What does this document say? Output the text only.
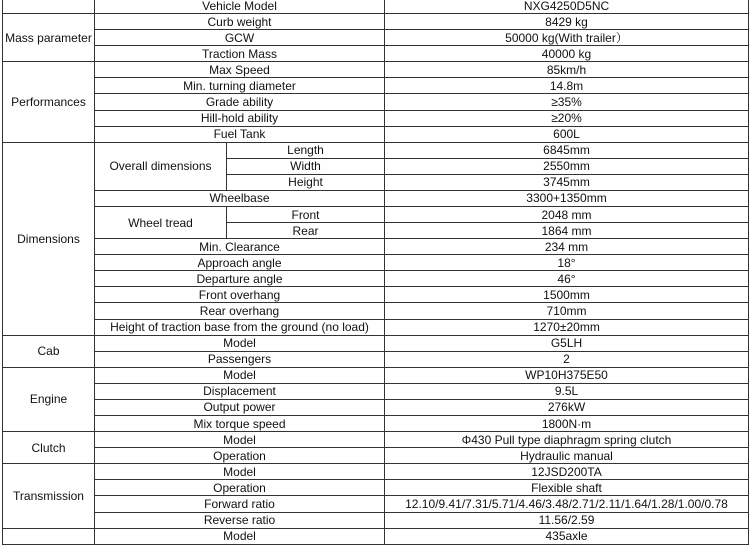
	Vehicle Model		NXG4250D5NC
Mass parameter	Curb weight		8429 kg
	GCW		50000 kg(With trailer）
	Traction Mass		40000 kg
Performances	Max Speed		85km/h
	Min. turning diameter		14.8m
	Grade ability		≥35%
	Hill-hold ability		≥20%
	Fuel Tank		600L
Dimensions	Overall dimensions	Length	6845mm
		Width	2550mm
		Height	3745mm
	Wheelbase		3300+1350mm
	Wheel tread	Front	2048 mm
		Rear	1864 mm
	Min. Clearance		234 mm
	Approach angle		18°
	Departure angle		46°
	Front overhang		1500mm
	Rear overhang		710mm
	Height of traction base from the ground (no load)		1270±20mm
Cab	Model		G5LH
	Passengers		2
Engine	Model		WP10H375E50
	Displacement		9.5L
	Output power		276kW
	Mix torque speed		1800N·m
Clutch	Model		Φ430 Pull type diaphragm spring clutch
	Operation		Hydraulic manual
Transmission	Model		12JSD200TA
	Operation		Flexible shaft
	Forward ratio		12.10/9.41/7.31/5.71/4.46/3.48/2.71/2.11/1.64/1.28/1.00/0.78
	Reverse ratio		11.56/2.59
	Model		435axle
